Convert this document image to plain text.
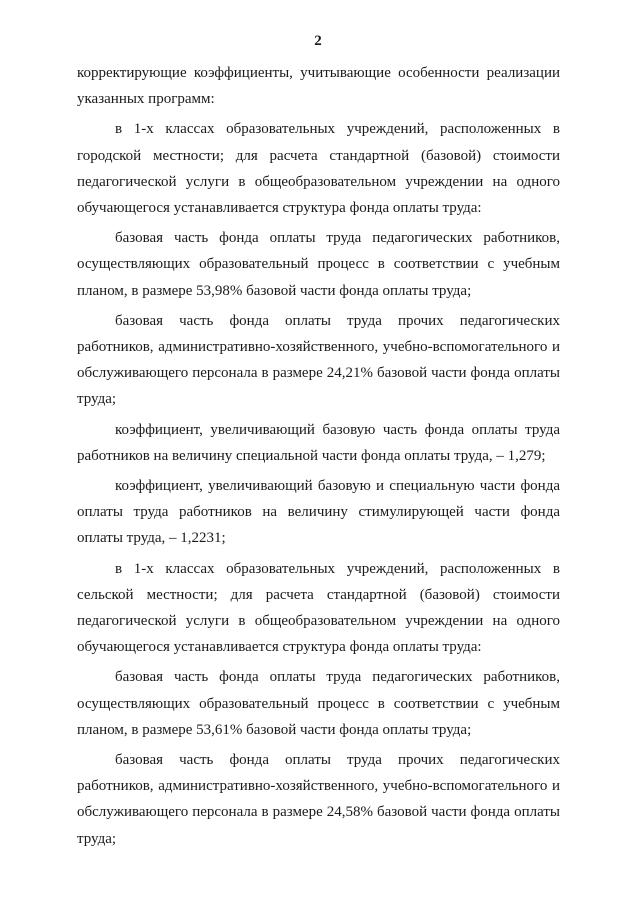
2

корректирующие коэффициенты, учитывающие особенности реализации указанных программ:

в 1-х классах образовательных учреждений, расположенных в городской местности; для расчета стандартной (базовой) стоимости педагогической услуги в общеобразовательном учреждении на одного обучающегося устанавливается структура фонда оплаты труда:

базовая часть фонда оплаты труда педагогических работников, осуществляющих образовательный процесс в соответствии с учебным планом, в размере 53,98% базовой части фонда оплаты труда;

базовая часть фонда оплаты труда прочих педагогических работников, административно-хозяйственного, учебно-вспомогательного и обслуживающего персонала в размере 24,21% базовой части фонда оплаты труда;

коэффициент, увеличивающий базовую часть фонда оплаты труда работников на величину специальной части фонда оплаты труда, – 1,279;

коэффициент, увеличивающий базовую и специальную части фонда оплаты труда работников на величину стимулирующей части фонда оплаты труда, – 1,2231;

в 1-х классах образовательных учреждений, расположенных в сельской местности; для расчета стандартной (базовой) стоимости педагогической услуги в общеобразовательном учреждении на одного обучающегося устанавливается структура фонда оплаты труда:

базовая часть фонда оплаты труда педагогических работников, осуществляющих образовательный процесс в соответствии с учебным планом, в размере 53,61% базовой части фонда оплаты труда;

базовая часть фонда оплаты труда прочих педагогических работников, административно-хозяйственного, учебно-вспомогательного и обслуживающего персонала в размере 24,58% базовой части фонда оплаты труда;
